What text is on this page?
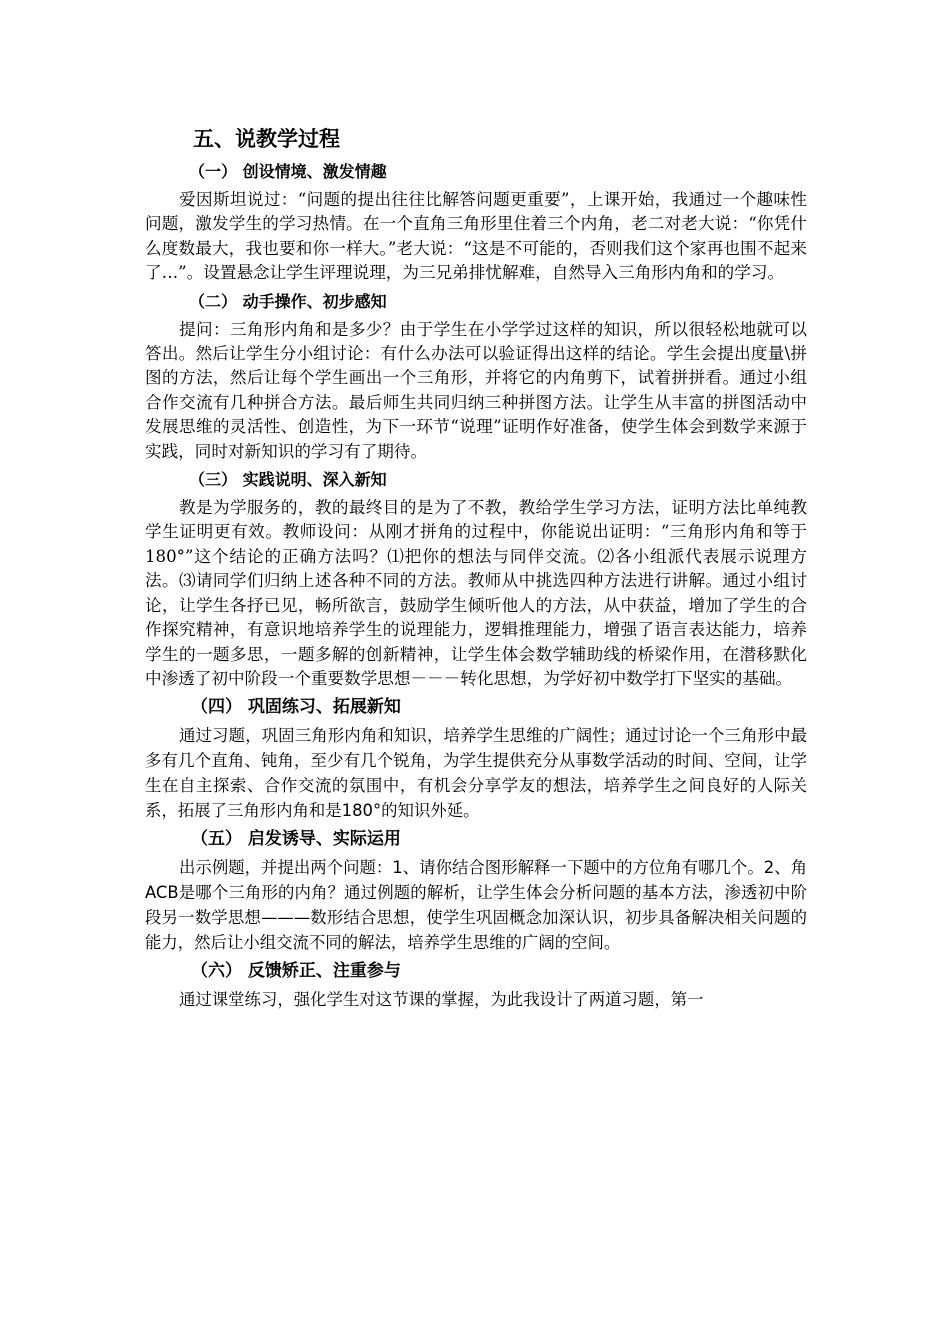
五、说教学过程
（一） 创设情境、激发情趣

爱因斯坦说过：“问题的提出往往比解答问题更重要”，上课开始，我通过一个趣味性问题，激发学生的学习热情。在一个直角三角形里住着三个内角，老二对老大说：“你凭什么度数最大，我也要和你一样大。”老大说：“这是不可能的，否则我们这个家再也围不起来了…”。设置悬念让学生评理说理，为三兄弟排忧解难，自然导入三角形内角和的学习。

（二） 动手操作、初步感知

提问：三角形内角和是多少？由于学生在小学学过这样的知识，所以很轻松地就可以答出。然后让学生分小组讨论：有什么办法可以验证得出这样的结论。学生会提出度量\拼图的方法，然后让每个学生画出一个三角形，并将它的内角剪下，试着拼拼看。通过小组合作交流有几种拼合方法。最后师生共同归纳三种拼图方法。让学生从丰富的拼图活动中发展思维的灵活性、创造性，为下一环节“说理”证明作好准备，使学生体会到数学来源于实践，同时对新知识的学习有了期待。

（三） 实践说明、深入新知

教是为学服务的，教的最终目的是为了不教，教给学生学习方法，证明方法比单纯教学生证明更有效。教师设问：从刚才拼角的过程中，你能说出证明：“三角形内角和等于180°”这个结论的正确方法吗？⑴把你的想法与同伴交流。⑵各小组派代表展示说理方法。⑶请同学们归纳上述各种不同的方法。教师从中挑选四种方法进行讲解。通过小组讨论，让学生各抒已见，畅所欲言，鼓励学生倾听他人的方法，从中获益，增加了学生的合作探究精神，有意识地培养学生的说理能力，逻辑推理能力，增强了语言表达能力，培养学生的一题多思，一题多解的创新精神，让学生体会数学辅助线的桥梁作用，在潜移默化中渗透了初中阶段一个重要数学思想－－－转化思想，为学好初中数学打下坚实的基础。

（四） 巩固练习、拓展新知

通过习题，巩固三角形内角和知识，培养学生思维的广阔性；通过讨论一个三角形中最多有几个直角、钝角，至少有几个锐角，为学生提供充分从事数学活动的时间、空间，让学生在自主探索、合作交流的氛围中，有机会分享学友的想法，培养学生之间良好的人际关系，拓展了三角形内角和是180°的知识外延。

（五） 启发诱导、实际运用

出示例题，并提出两个问题：1、请你结合图形解释一下题中的方位角有哪几个。2、角ACB是哪个三角形的内角？通过例题的解析，让学生体会分析问题的基本方法，渗透初中阶段另一数学思想———数形结合思想，使学生巩固概念加深认识，初步具备解决相关问题的能力，然后让小组交流不同的解法，培养学生思维的广阔的空间。

（六） 反馈矫正、注重参与

通过课堂练习，强化学生对这节课的掌握，为此我设计了两道习题，第一
